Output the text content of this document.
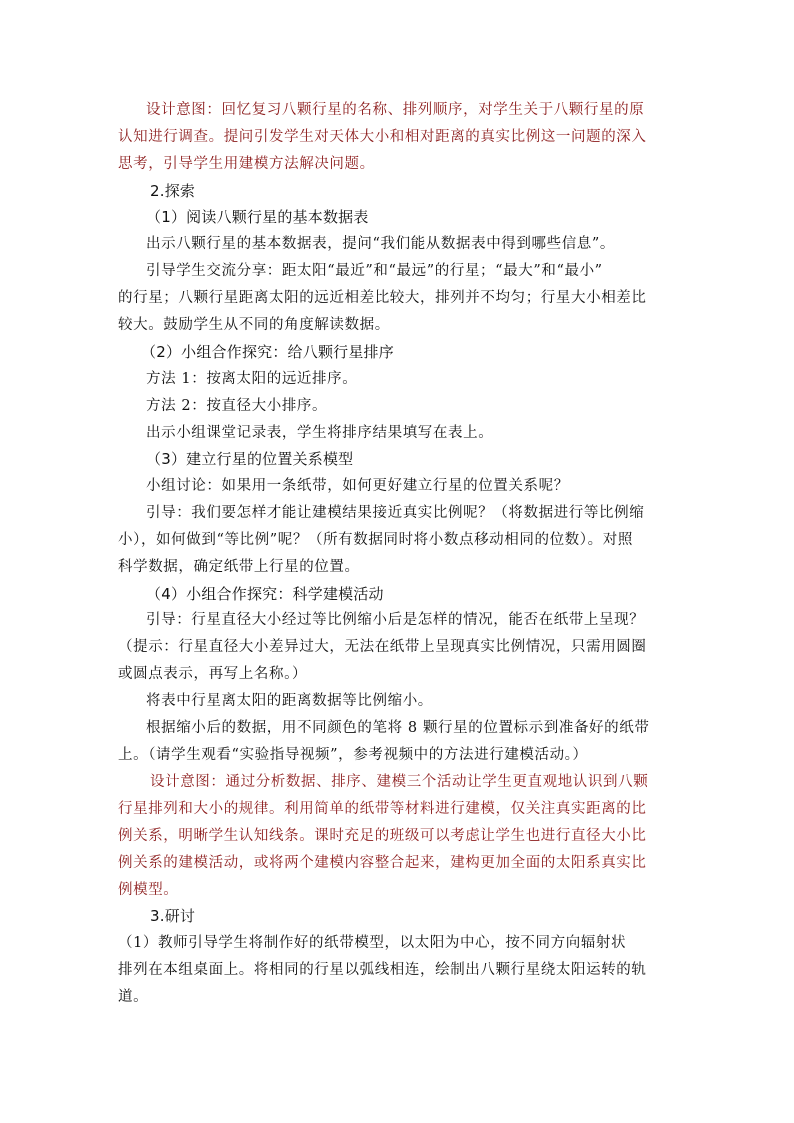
设计意图：回忆复习八颗行星的名称、排列顺序，对学生关于八颗行星的原
认知进行调查。提问引发学生对天体大小和相对距离的真实比例这一问题的深入
思考，引导学生用建模方法解决问题。
2.探索
（1）阅读八颗行星的基本数据表
出示八颗行星的基本数据表，提问“我们能从数据表中得到哪些信息”。
引导学生交流分享：距太阳“最近”和“最远”的行星；“最大”和“最小”
的行星；八颗行星距离太阳的远近相差比较大，排列并不均匀；行星大小相差比
较大。鼓励学生从不同的角度解读数据。
（2）小组合作探究：给八颗行星排序
方法 1：按离太阳的远近排序。
方法 2：按直径大小排序。
出示小组课堂记录表，学生将排序结果填写在表上。
（3）建立行星的位置关系模型
小组讨论：如果用一条纸带，如何更好建立行星的位置关系呢？
引导：我们要怎样才能让建模结果接近真实比例呢？（将数据进行等比例缩
小），如何做到“等比例”呢？（所有数据同时将小数点移动相同的位数）。对照
科学数据，确定纸带上行星的位置。
（4）小组合作探究：科学建模活动
引导：行星直径大小经过等比例缩小后是怎样的情况，能否在纸带上呈现？
（提示：行星直径大小差异过大，无法在纸带上呈现真实比例情况，只需用圆圈
或圆点表示，再写上名称。）
将表中行星离太阳的距离数据等比例缩小。
根据缩小后的数据，用不同颜色的笔将 8 颗行星的位置标示到准备好的纸带
上。（请学生观看“实验指导视频”，参考视频中的方法进行建模活动。）
设计意图：通过分析数据、排序、建模三个活动让学生更直观地认识到八颗
行星排列和大小的规律。利用简单的纸带等材料进行建模，仅关注真实距离的比
例关系，明晰学生认知线条。课时充足的班级可以考虑让学生也进行直径大小比
例关系的建模活动，或将两个建模内容整合起来，建构更加全面的太阳系真实比
例模型。
3.研讨
（1）教师引导学生将制作好的纸带模型，以太阳为中心，按不同方向辐射状
排列在本组桌面上。将相同的行星以弧线相连，绘制出八颗行星绕太阳运转的轨
道。
